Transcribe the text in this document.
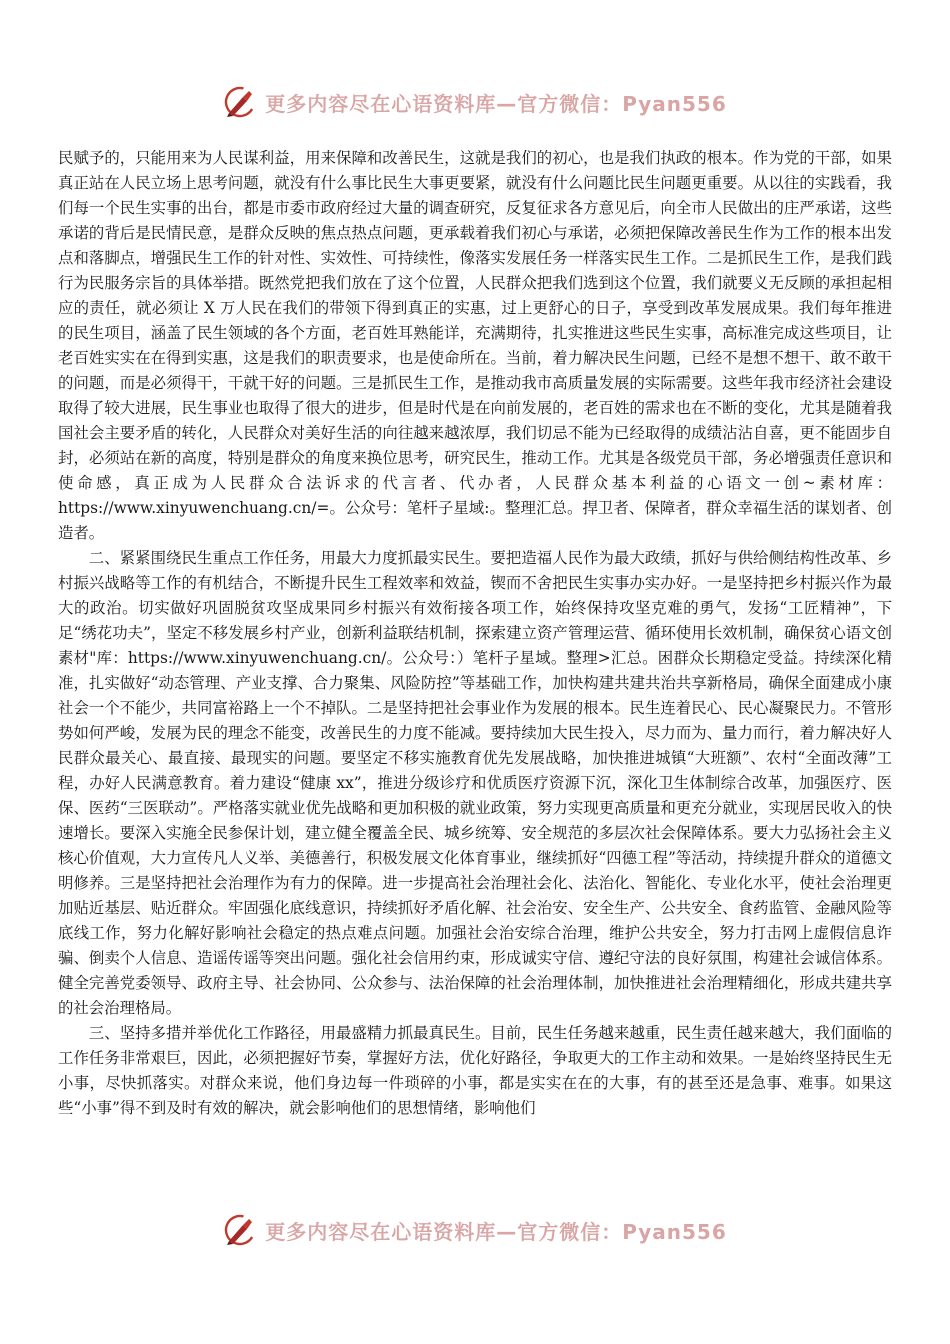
更多内容尽在心语资料库—官方微信：Pyan556

民赋予的，只能用来为人民谋利益，用来保障和改善民生，这就是我们的初心，也是我们执政的根本。作为党的干部，如果真正站在人民立场上思考问题，就没有什么事比民生大事更要紧，就没有什么问题比民生问题更重要。从以往的实践看，我们每一个民生实事的出台，都是市委市政府经过大量的调查研究，反复征求各方意见后，向全市人民做出的庄严承诺，这些承诺的背后是民情民意，是群众反映的焦点热点问题，更承载着我们初心与承诺，必须把保障改善民生作为工作的根本出发点和落脚点，增强民生工作的针对性、实效性、可持续性，像落实发展任务一样落实民生工作。二是抓民生工作，是我们践行为民服务宗旨的具体举措。既然党把我们放在了这个位置，人民群众把我们选到这个位置，我们就要义无反顾的承担起相应的责任，就必须让 X 万人民在我们的带领下得到真正的实惠，过上更舒心的日子，享受到改革发展成果。我们每年推进的民生项目，涵盖了民生领域的各个方面，老百姓耳熟能详，充满期待，扎实推进这些民生实事，高标准完成这些项目，让老百姓实实在在得到实惠，这是我们的职责要求，也是使命所在。当前，着力解决民生问题，已经不是想不想干、敢不敢干的问题，而是必须得干，干就干好的问题。三是抓民生工作，是推动我市高质量发展的实际需要。这些年我市经济社会建设取得了较大进展，民生事业也取得了很大的进步，但是时代是在向前发展的，老百姓的需求也在不断的变化，尤其是随着我国社会主要矛盾的转化，人民群众对美好生活的向往越来越浓厚，我们切忌不能为已经取得的成绩沾沾自喜，更不能固步自封，必须站在新的高度，特别是群众的角度来换位思考，研究民生，推动工作。尤其是各级党员干部，务必增强责任意识和使命感，真正成为人民群众合法诉求的代言者、代办者，人民群众基本利益的心语文一创~素材库：https://www.xinyuwenchuang.cn/=。公众号：笔杆子星域:。整理汇总。捍卫者、保障者，群众幸福生活的谋划者、创造者。

二、紧紧围绕民生重点工作任务，用最大力度抓最实民生。要把造福人民作为最大政绩，抓好与供给侧结构性改革、乡村振兴战略等工作的有机结合，不断提升民生工程效率和效益，锲而不舍把民生实事办实办好。一是坚持把乡村振兴作为最大的政治。切实做好巩固脱贫攻坚成果同乡村振兴有效衔接各项工作，始终保持攻坚克难的勇气，发扬“工匠精神”，下足“绣花功夫”，坚定不移发展乡村产业，创新利益联结机制，探索建立资产管理运营、循环使用长效机制，确保贫心语文创素材"库：https://www.xinyuwenchuang.cn/。公众号：）笔杆子星域。整理>汇总。困群众长期稳定受益。持续深化精准，扎实做好“动态管理、产业支撑、合力聚集、风险防控”等基础工作，加快构建共建共治共享新格局，确保全面建成小康社会一个不能少，共同富裕路上一个不掉队。二是坚持把社会事业作为发展的根本。民生连着民心、民心凝聚民力。不管形势如何严峻，发展为民的理念不能变，改善民生的力度不能减。要持续加大民生投入，尽力而为、量力而行，着力解决好人民群众最关心、最直接、最现实的问题。要坚定不移实施教育优先发展战略，加快推进城镇“大班额”、农村“全面改薄”工程，办好人民满意教育。着力建设“健康 xx”，推进分级诊疗和优质医疗资源下沉，深化卫生体制综合改革，加强医疗、医保、医药“三医联动”。严格落实就业优先战略和更加积极的就业政策，努力实现更高质量和更充分就业，实现居民收入的快速增长。要深入实施全民参保计划，建立健全覆盖全民、城乡统筹、安全规范的多层次社会保障体系。要大力弘扬社会主义核心价值观，大力宣传凡人义举、美德善行，积极发展文化体育事业，继续抓好“四德工程”等活动，持续提升群众的道德文明修养。三是坚持把社会治理作为有力的保障。进一步提高社会治理社会化、法治化、智能化、专业化水平，使社会治理更加贴近基层、贴近群众。牢固强化底线意识，持续抓好矛盾化解、社会治安、安全生产、公共安全、食药监管、金融风险等底线工作，努力化解好影响社会稳定的热点难点问题。加强社会治安综合治理，维护公共安全，努力打击网上虚假信息诈骗、倒卖个人信息、造谣传谣等突出问题。强化社会信用约束，形成诚实守信、遵纪守法的良好氛围，构建社会诚信体系。健全完善党委领导、政府主导、社会协同、公众参与、法治保障的社会治理体制，加快推进社会治理精细化，形成共建共享的社会治理格局。

三、坚持多措并举优化工作路径，用最盛精力抓最真民生。目前，民生任务越来越重，民生责任越来越大，我们面临的工作任务非常艰巨，因此，必须把握好节奏，掌握好方法，优化好路径，争取更大的工作主动和效果。一是始终坚持民生无小事，尽快抓落实。对群众来说，他们身边每一件琐碎的小事，都是实实在在的大事，有的甚至还是急事、难事。如果这些“小事”得不到及时有效的解决，就会影响他们的思想情绪，影响他们

更多内容尽在心语资料库—官方微信：Pyan556
